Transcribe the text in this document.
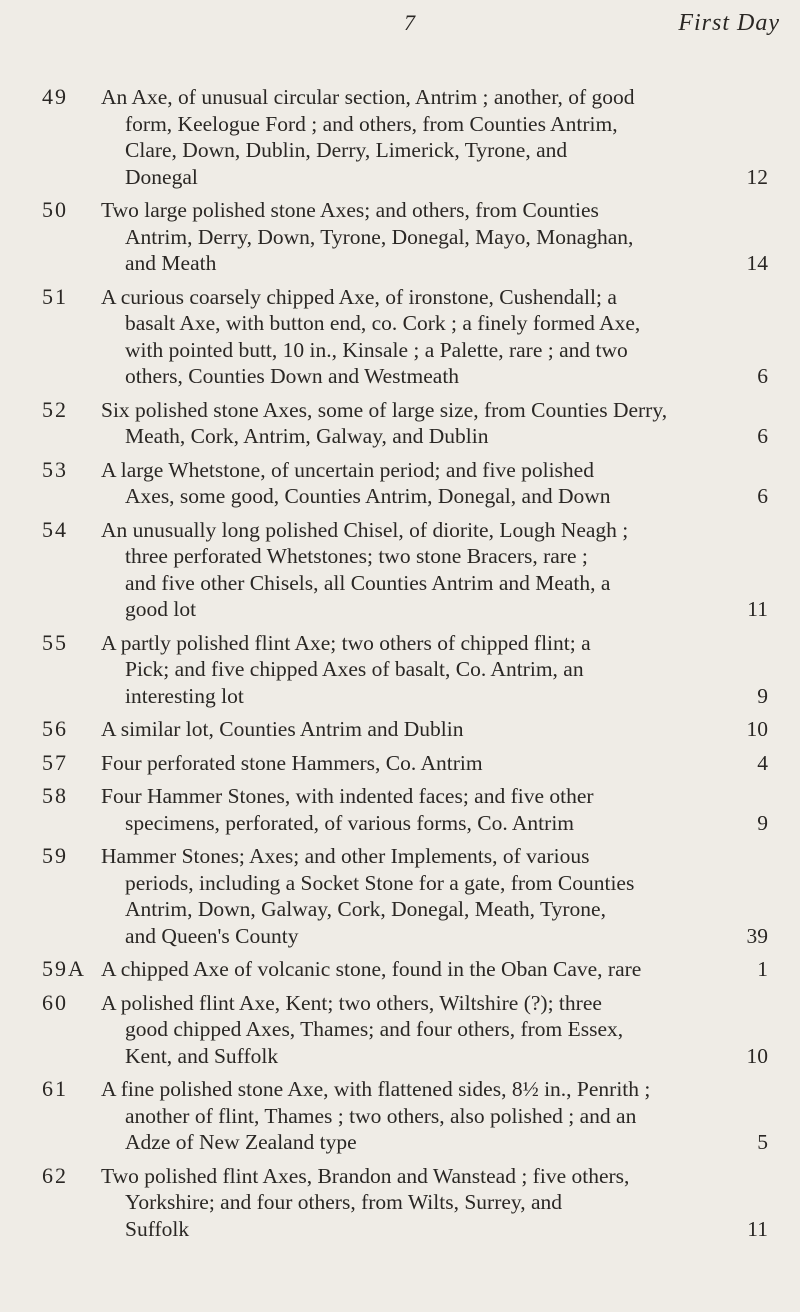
7	First Day
49 An Axe, of unusual circular section, Antrim ; another, of good
form, Keelogue Ford ; and others, from Counties Antrim,
Clare, Down, Dublin, Derry, Limerick, Tyrone, and
Donegal	12
50 Two large polished stone Axes; and others, from Counties
Antrim, Derry, Down, Tyrone, Donegal, Mayo, Monaghan,
and Meath	14
51 A curious coarsely chipped Axe, of ironstone, Cushendall; a
basalt Axe, with button end, co. Cork ; a finely formed Axe,
with pointed butt, 10 in., Kinsale ; a Palette, rare ; and two
others, Counties Down and Westmeath	6
52 Six polished stone Axes, some of large size, from Counties Derry,
Meath, Cork, Antrim, Galway, and Dublin	6
53 A large Whetstone, of uncertain period; and five polished
Axes, some good, Counties Antrim, Donegal, and Down	6
54 An unusually long polished Chisel, of diorite, Lough Neagh ;
three perforated Whetstones; two stone Bracers, rare ;
and five other Chisels, all Counties Antrim and Meath, a
good lot	11
55 A partly polished flint Axe; two others of chipped flint; a
Pick; and five chipped Axes of basalt, Co. Antrim, an
interesting lot	9
56 A similar lot, Counties Antrim and Dublin	10
57 Four perforated stone Hammers, Co. Antrim	4
58 Four Hammer Stones, with indented faces; and five other
specimens, perforated, of various forms, Co. Antrim	9
59 Hammer Stones; Axes; and other Implements, of various
periods, including a Socket Stone for a gate, from Counties
Antrim, Down, Galway, Cork, Donegal, Meath, Tyrone,
and Queen's County	39
59A A chipped Axe of volcanic stone, found in the Oban Cave, rare	1
60 A polished flint Axe, Kent; two others, Wiltshire (?); three
good chipped Axes, Thames; and four others, from Essex,
Kent, and Suffolk	10
61 A fine polished stone Axe, with flattened sides, 8½ in., Penrith ;
another of flint, Thames ; two others, also polished ; and an
Adze of New Zealand type	5
62 Two polished flint Axes, Brandon and Wanstead ; five others,
Yorkshire; and four others, from Wilts, Surrey, and
Suffolk	11
